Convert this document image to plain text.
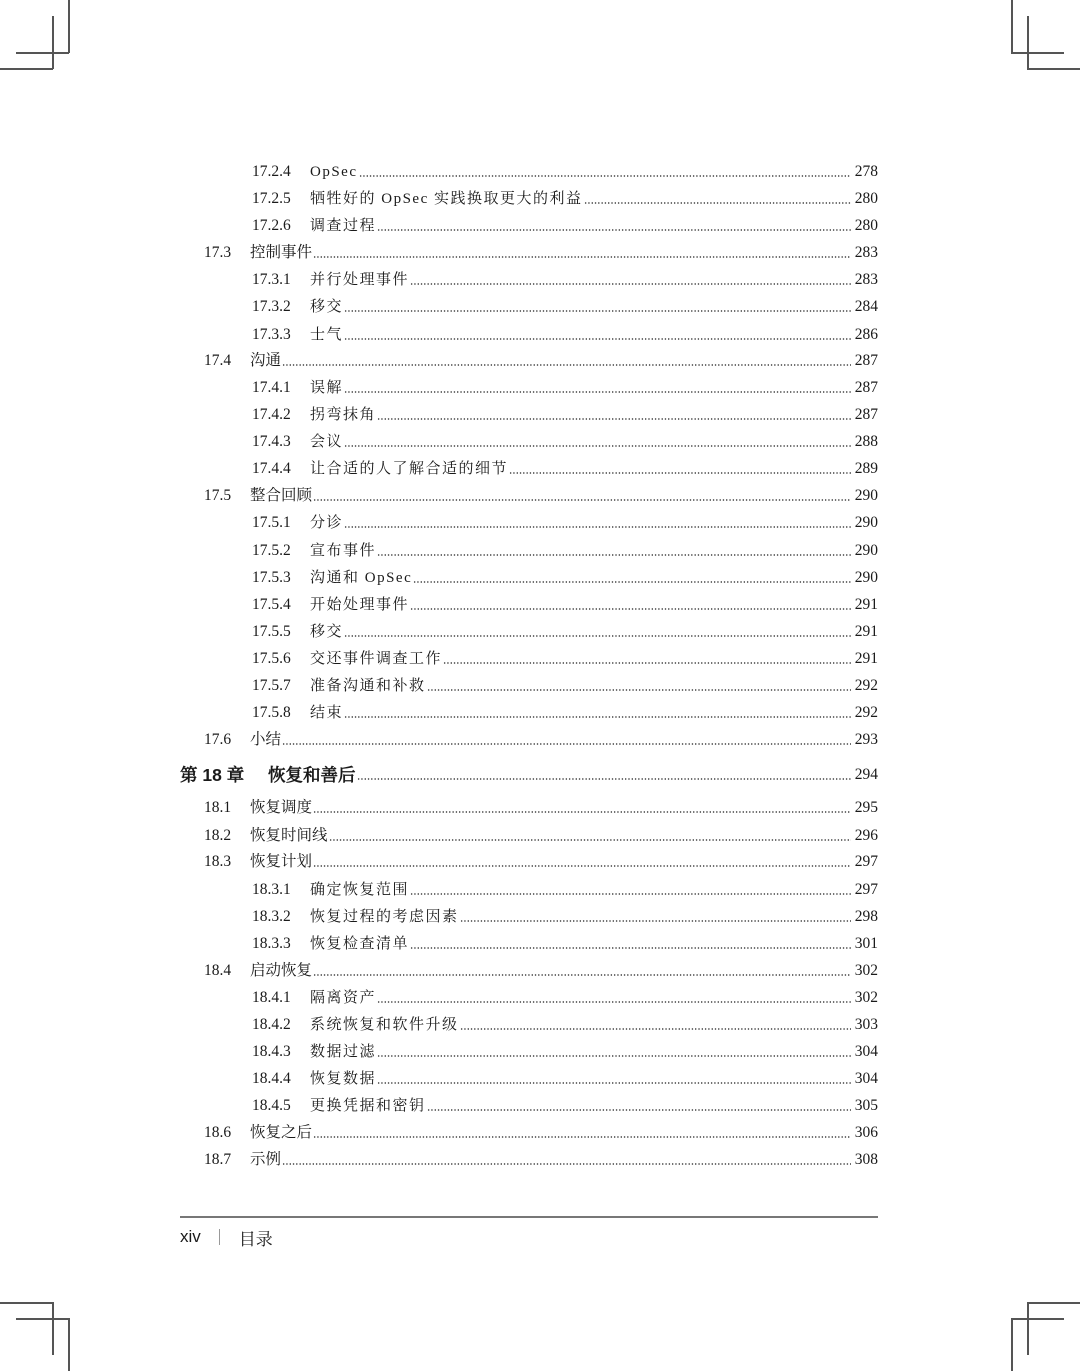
17.2.4	OpSec	278
17.2.5	牺牲好的 OpSec 实践换取更大的利益	280
17.2.6	调查过程	280
17.3	控制事件	283
17.3.1	并行处理事件	283
17.3.2	移交	284
17.3.3	士气	286
17.4	沟通	287
17.4.1	误解	287
17.4.2	拐弯抹角	287
17.4.3	会议	288
17.4.4	让合适的人了解合适的细节	289
17.5	整合回顾	290
17.5.1	分诊	290
17.5.2	宣布事件	290
17.5.3	沟通和 OpSec	290
17.5.4	开始处理事件	291
17.5.5	移交	291
17.5.6	交还事件调查工作	291
17.5.7	准备沟通和补救	292
17.5.8	结束	292
17.6	小结	293
第 18 章	恢复和善后	294
18.1	恢复调度	295
18.2	恢复时间线	296
18.3	恢复计划	297
18.3.1	确定恢复范围	297
18.3.2	恢复过程的考虑因素	298
18.3.3	恢复检查清单	301
18.4	启动恢复	302
18.4.1	隔离资产	302
18.4.2	系统恢复和软件升级	303
18.4.3	数据过滤	304
18.4.4	恢复数据	304
18.4.5	更换凭据和密钥	305
18.6	恢复之后	306
18.7	示例	308
xiv 目录
